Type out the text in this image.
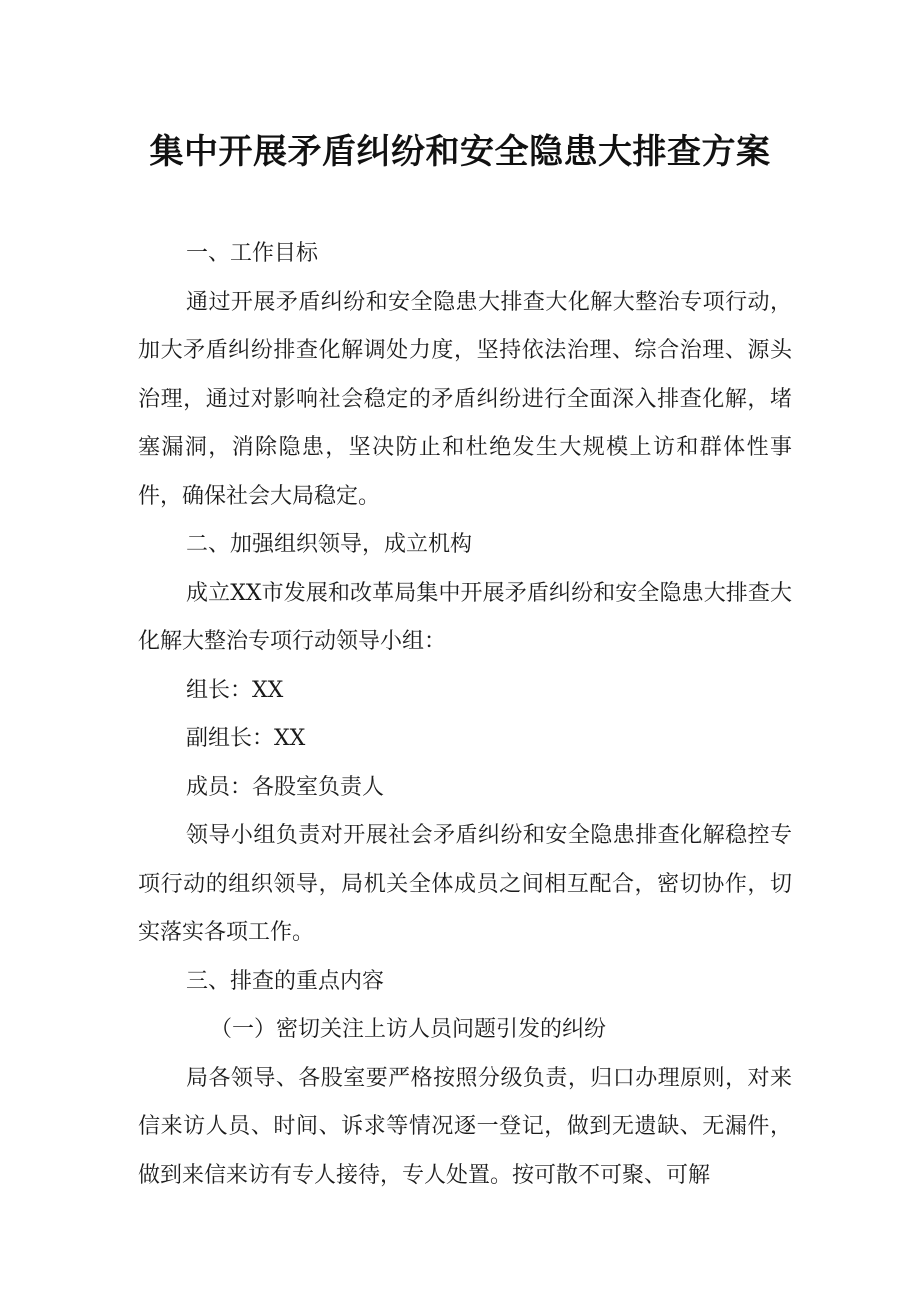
集中开展矛盾纠纷和安全隐患大排查方案

一、工作目标

通过开展矛盾纠纷和安全隐患大排查大化解大整治专项行动，加大矛盾纠纷排查化解调处力度，坚持依法治理、综合治理、源头治理，通过对影响社会稳定的矛盾纠纷进行全面深入排查化解，堵塞漏洞，消除隐患，坚决防止和杜绝发生大规模上访和群体性事件，确保社会大局稳定。

二、加强组织领导，成立机构

成立XX市发展和改革局集中开展矛盾纠纷和安全隐患大排查大化解大整治专项行动领导小组：

组长：XX

副组长：XX

成员：各股室负责人

领导小组负责对开展社会矛盾纠纷和安全隐患排查化解稳控专项行动的组织领导，局机关全体成员之间相互配合，密切协作，切实落实各项工作。

三、排查的重点内容

（一）密切关注上访人员问题引发的纠纷

局各领导、各股室要严格按照分级负责，归口办理原则，对来信来访人员、时间、诉求等情况逐一登记，做到无遗缺、无漏件，做到来信来访有专人接待，专人处置。按可散不可聚、可解
